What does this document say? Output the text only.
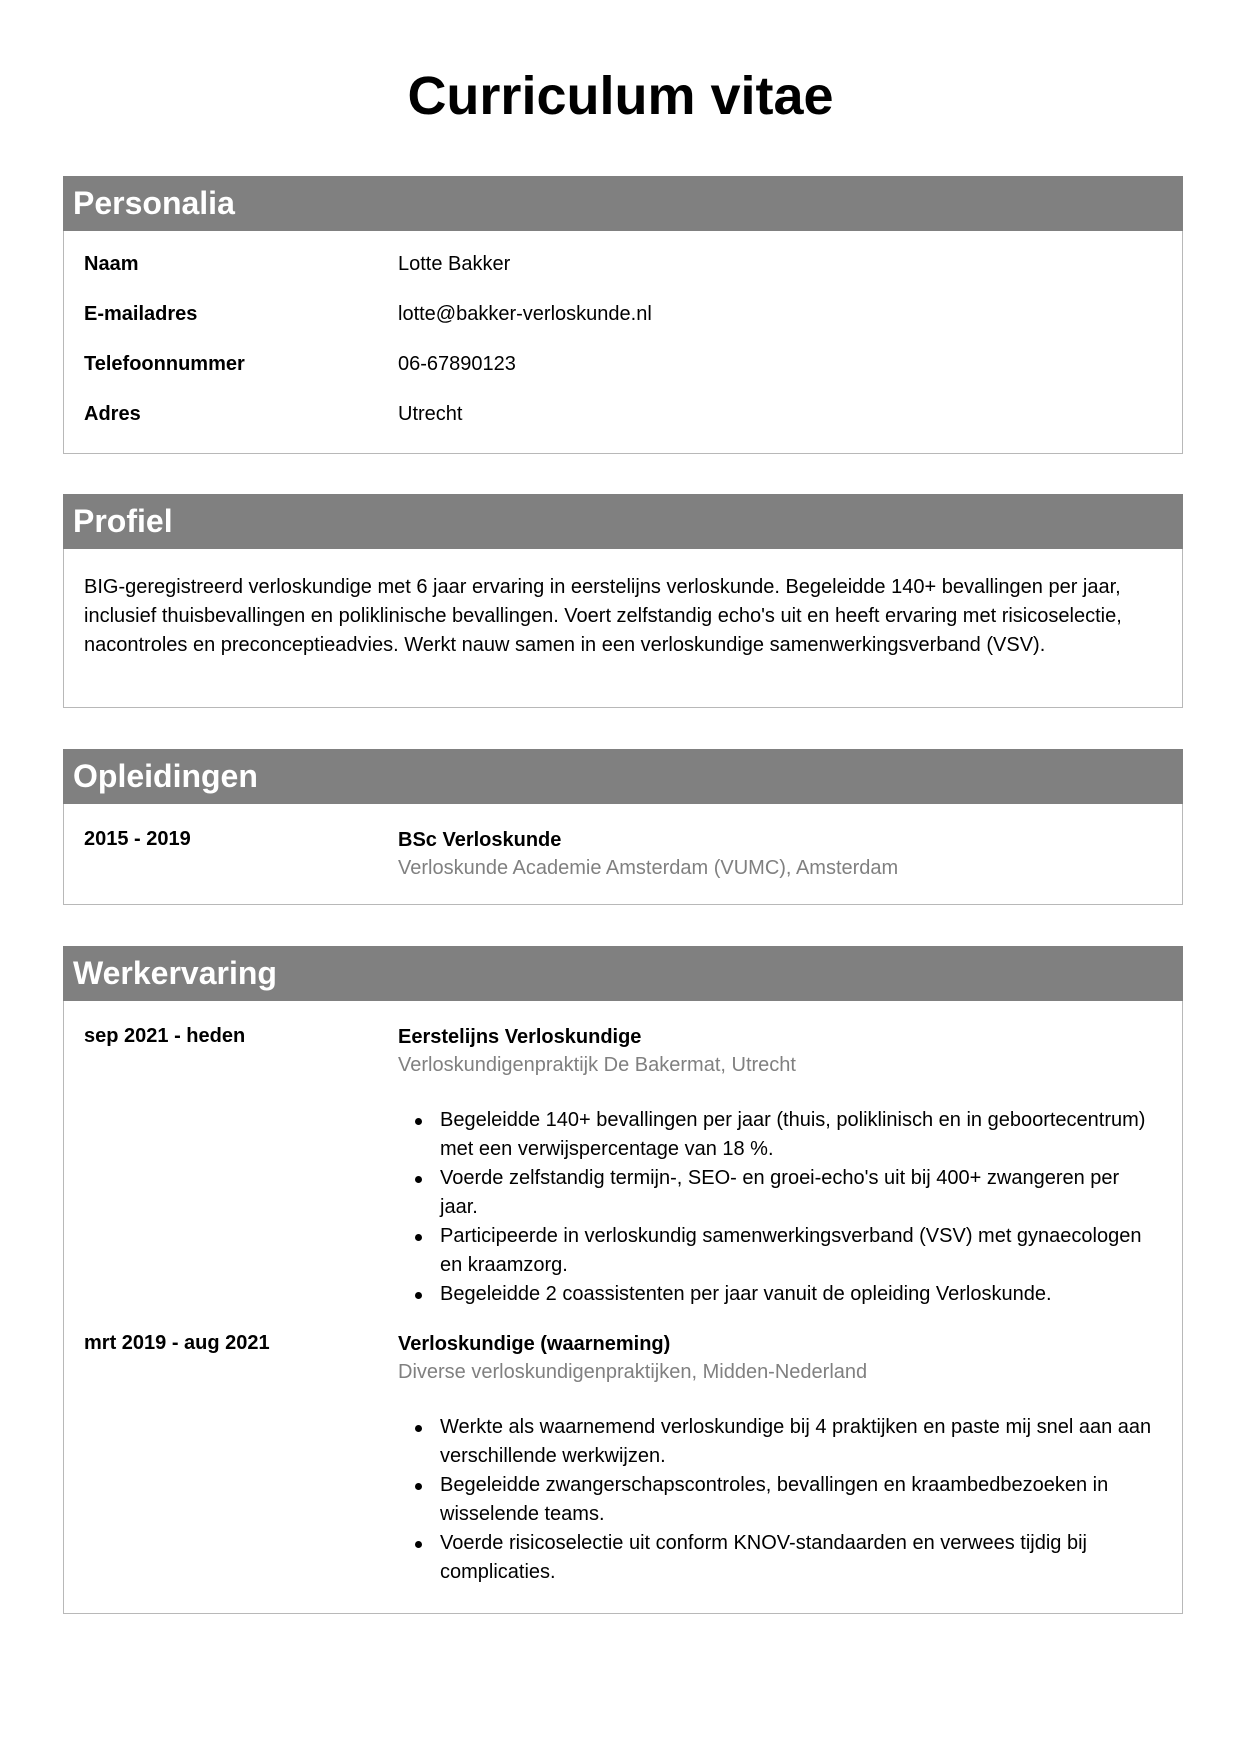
Curriculum vitae
Personalia
Naam	Lotte Bakker
E-mailadres	lotte@bakker-verloskunde.nl
Telefoonnummer	06-67890123
Adres	Utrecht
Profiel

BIG-geregistreerd verloskundige met 6 jaar ervaring in eerstelijns verloskunde. Begeleidde 140+ bevallingen per jaar, inclusief thuisbevallingen en poliklinische bevallingen. Voert zelfstandig echo's uit en heeft ervaring met risicoselectie, nacontroles en preconceptieadvies. Werkt nauw samen in een verloskundige samenwerkingsverband (VSV).

Opleidingen
2015 - 2019	BSc Verloskunde
Verloskunde Academie Amsterdam (VUMC), Amsterdam
Werkervaring
sep 2021 - heden	Eerstelijns Verloskundige
Verloskundigenpraktijk De Bakermat, Utrecht
Begeleidde 140+ bevallingen per jaar (thuis, poliklinisch en in geboortecentrum) met een verwijspercentage van 18 %.
Voerde zelfstandig termijn-, SEO- en groei-echo's uit bij 400+ zwangeren per jaar.
Participeerde in verloskundig samenwerkingsverband (VSV) met gynaecologen en kraamzorg.
Begeleidde 2 coassistenten per jaar vanuit de opleiding Verloskunde.
mrt 2019 - aug 2021	Verloskundige (waarneming)
Diverse verloskundigenpraktijken, Midden-Nederland
Werkte als waarnemend verloskundige bij 4 praktijken en paste mij snel aan aan verschillende werkwijzen.
Begeleidde zwangerschapscontroles, bevallingen en kraambedbezoeken in wisselende teams.
Voerde risicoselectie uit conform KNOV-standaarden en verwees tijdig bij complicaties.
